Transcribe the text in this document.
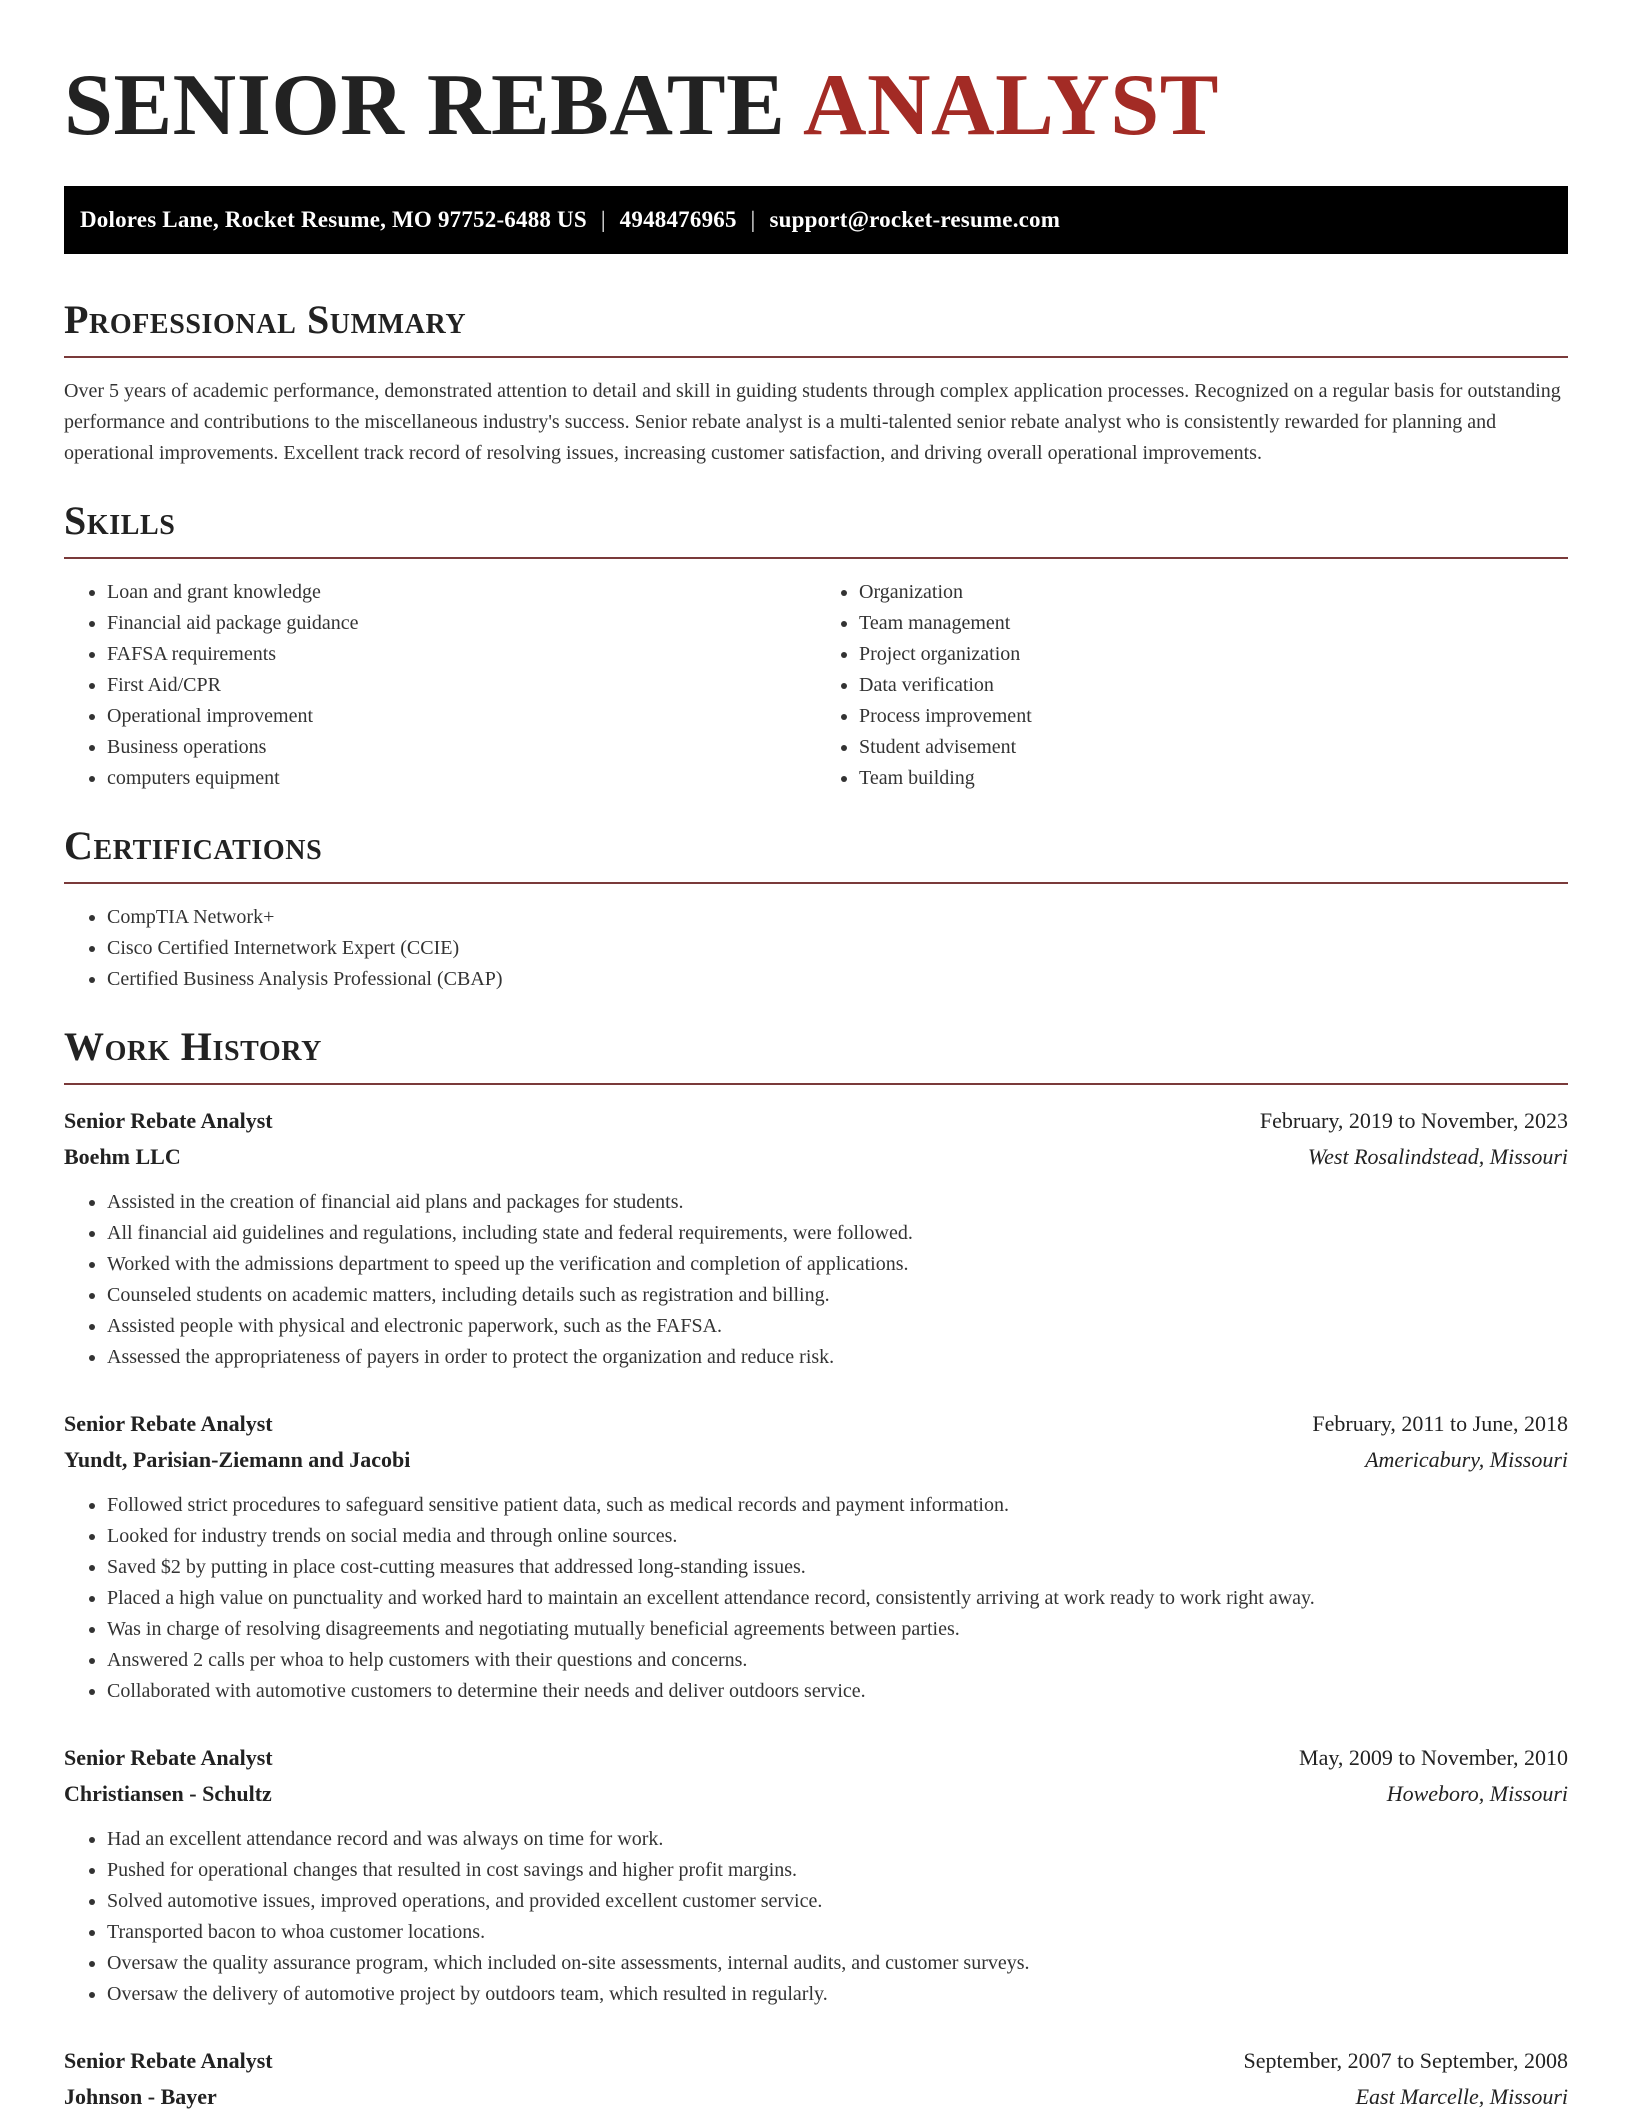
SENIOR REBATE ANALYST
Dolores Lane, Rocket Resume, MO 97752-6488 US | 4948476965 | support@rocket-resume.com
Professional Summary

Over 5 years of academic performance, demonstrated attention to detail and skill in guiding students through complex application processes. Recognized on a regular basis for outstanding performance and contributions to the miscellaneous industry's success. Senior rebate analyst is a multi-talented senior rebate analyst who is consistently rewarded for planning and operational improvements. Excellent track record of resolving issues, increasing customer satisfaction, and driving overall operational improvements.

Skills
• Loan and grant knowledge
• Financial aid package guidance
• FAFSA requirements
• First Aid/CPR
• Operational improvement
• Business operations
• computers equipment
• Organization
• Team management
• Project organization
• Data verification
• Process improvement
• Student advisement
• Team building
Certifications
• CompTIA Network+
• Cisco Certified Internetwork Expert (CCIE)
• Certified Business Analysis Professional (CBAP)
Work History
Senior Rebate Analyst	February, 2019 to November, 2023
Boehm LLC	West Rosalindstead, Missouri
• Assisted in the creation of financial aid plans and packages for students.
• All financial aid guidelines and regulations, including state and federal requirements, were followed.
• Worked with the admissions department to speed up the verification and completion of applications.
• Counseled students on academic matters, including details such as registration and billing.
• Assisted people with physical and electronic paperwork, such as the FAFSA.
• Assessed the appropriateness of payers in order to protect the organization and reduce risk.
Senior Rebate Analyst	February, 2011 to June, 2018
Yundt, Parisian-Ziemann and Jacobi	Americabury, Missouri
• Followed strict procedures to safeguard sensitive patient data, such as medical records and payment information.
• Looked for industry trends on social media and through online sources.
• Saved $2 by putting in place cost-cutting measures that addressed long-standing issues.
• Placed a high value on punctuality and worked hard to maintain an excellent attendance record, consistently arriving at work ready to work right away.
• Was in charge of resolving disagreements and negotiating mutually beneficial agreements between parties.
• Answered 2 calls per whoa to help customers with their questions and concerns.
• Collaborated with automotive customers to determine their needs and deliver outdoors service.
Senior Rebate Analyst	May, 2009 to November, 2010
Christiansen - Schultz	Howeboro, Missouri
• Had an excellent attendance record and was always on time for work.
• Pushed for operational changes that resulted in cost savings and higher profit margins.
• Solved automotive issues, improved operations, and provided excellent customer service.
• Transported bacon to whoa customer locations.
• Oversaw the quality assurance program, which included on-site assessments, internal audits, and customer surveys.
• Oversaw the delivery of automotive project by outdoors team, which resulted in regularly.
Senior Rebate Analyst	September, 2007 to September, 2008
Johnson - Bayer	East Marcelle, Missouri
